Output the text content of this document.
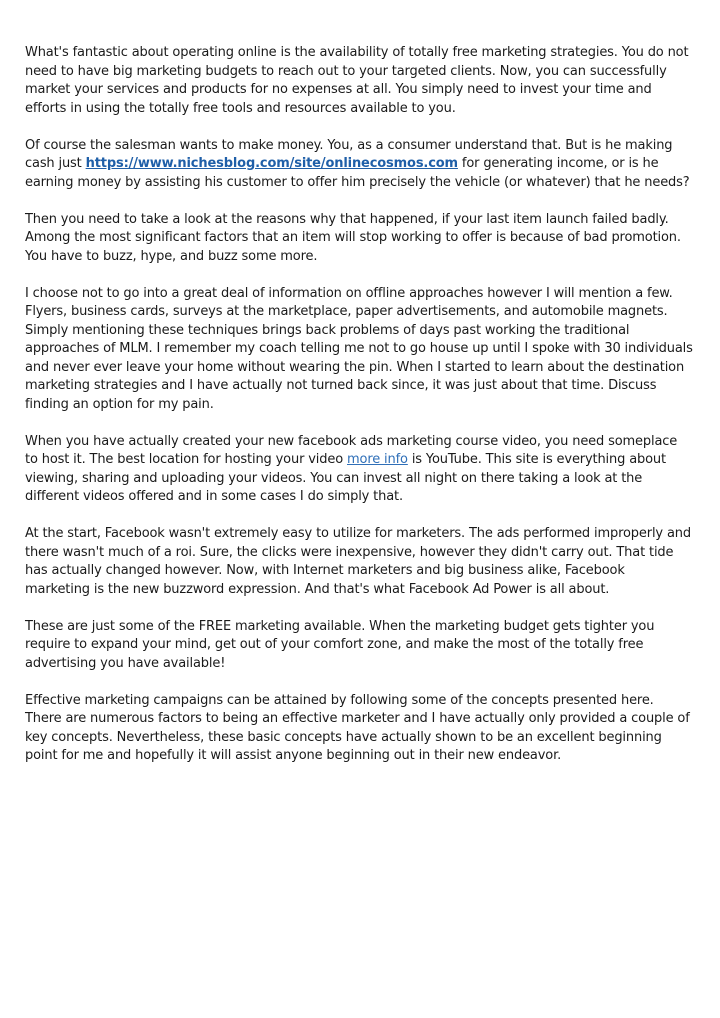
What's fantastic about operating online is the availability of totally free marketing strategies. You do not need to have big marketing budgets to reach out to your targeted clients. Now, you can successfully market your services and products for no expenses at all. You simply need to invest your time and efforts in using the totally free tools and resources available to you.

Of course the salesman wants to make money. You, as a consumer understand that. But is he making cash just https://www.nichesblog.com/site/onlinecosmos.com for generating income, or is he earning money by assisting his customer to offer him precisely the vehicle (or whatever) that he needs?

Then you need to take a look at the reasons why that happened, if your last item launch failed badly. Among the most significant factors that an item will stop working to offer is because of bad promotion. You have to buzz, hype, and buzz some more.

I choose not to go into a great deal of information on offline approaches however I will mention a few. Flyers, business cards, surveys at the marketplace, paper advertisements, and automobile magnets. Simply mentioning these techniques brings back problems of days past working the traditional approaches of MLM. I remember my coach telling me not to go house up until I spoke with 30 individuals and never ever leave your home without wearing the pin. When I started to learn about the destination marketing strategies and I have actually not turned back since, it was just about that time. Discuss finding an option for my pain.

When you have actually created your new facebook ads marketing course video, you need someplace to host it. The best location for hosting your video more info is YouTube. This site is everything about viewing, sharing and uploading your videos. You can invest all night on there taking a look at the different videos offered and in some cases I do simply that.

At the start, Facebook wasn't extremely easy to utilize for marketers. The ads performed improperly and there wasn't much of a roi. Sure, the clicks were inexpensive, however they didn't carry out. That tide has actually changed however. Now, with Internet marketers and big business alike, Facebook marketing is the new buzzword expression. And that's what Facebook Ad Power is all about.

These are just some of the FREE marketing available. When the marketing budget gets tighter you require to expand your mind, get out of your comfort zone, and make the most of the totally free advertising you have available!

Effective marketing campaigns can be attained by following some of the concepts presented here. There are numerous factors to being an effective marketer and I have actually only provided a couple of key concepts. Nevertheless, these basic concepts have actually shown to be an excellent beginning point for me and hopefully it will assist anyone beginning out in their new endeavor.
